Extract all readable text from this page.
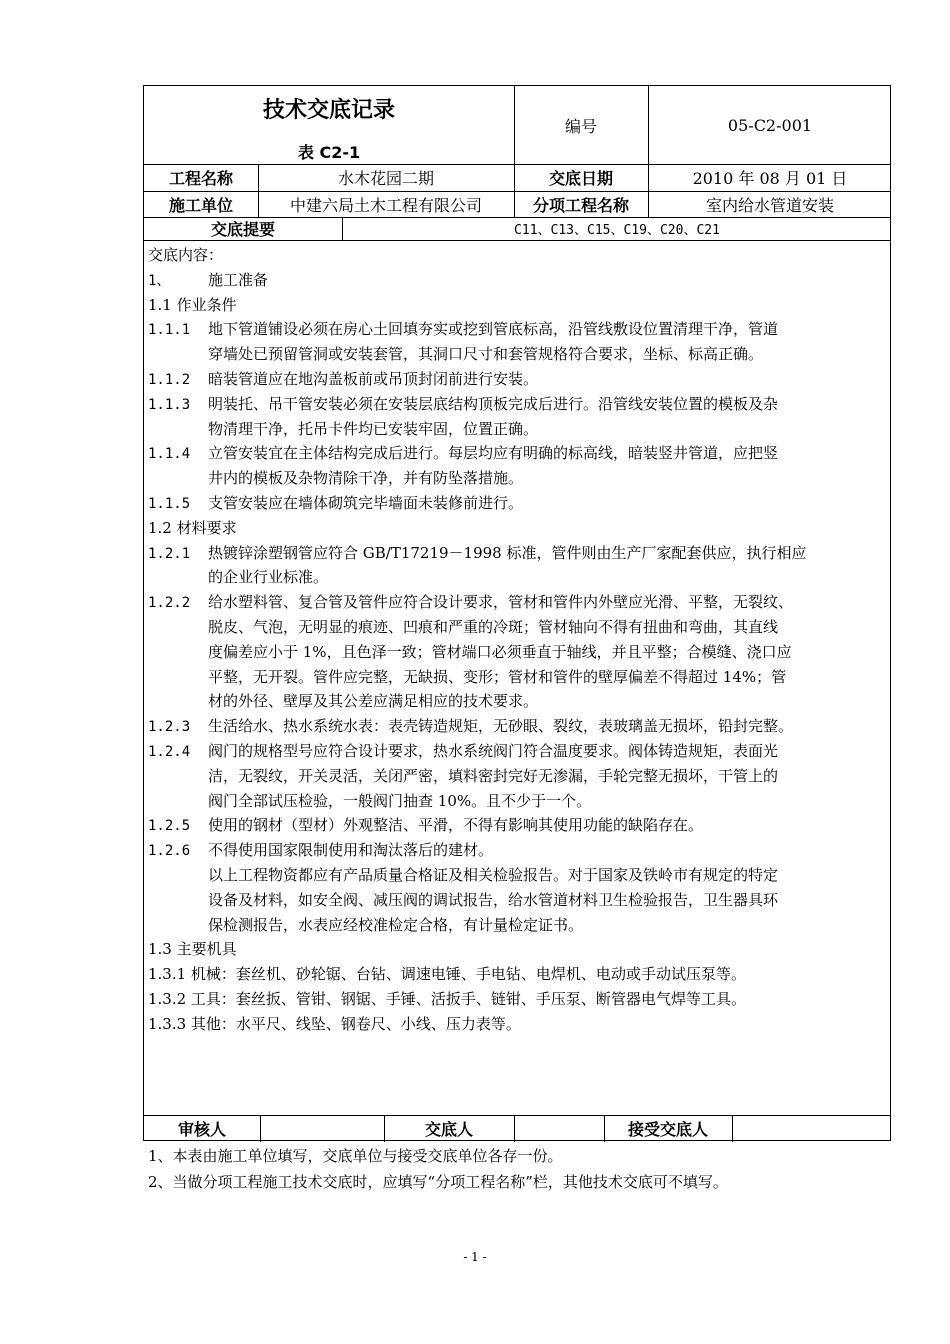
技术交底记录
表 C2-1
编号	05-C2-001
工程名称	水木花园二期	交底日期	2010 年 08 月 01 日
施工单位	中建六局土木工程有限公司	分项工程名称	室内给水管道安装
交底提要	C11、C13、C15、C19、C20、C21
审核人	交底人	接受交底人
交底内容：
1、	施工准备
1.1 作业条件
1.1.1 地下管道铺设必须在房心土回填夯实或挖到管底标高，沿管线敷设位置清理干净，管道
穿墙处已预留管洞或安装套管，其洞口尺寸和套管规格符合要求，坐标、标高正确。
1.1.2 暗装管道应在地沟盖板前或吊顶封闭前进行安装。
1.1.3 明装托、吊干管安装必须在安装层底结构顶板完成后进行。沿管线安装位置的模板及杂
物清理干净，托吊卡件均已安装牢固，位置正确。
1.1.4 立管安装宜在主体结构完成后进行。每层均应有明确的标高线，暗装竖井管道，应把竖
井内的模板及杂物清除干净，并有防坠落措施。
1.1.5 支管安装应在墙体砌筑完毕墙面未装修前进行。
1.2 材料要求
1.2.1 热镀锌涂塑钢管应符合 GB/T17219－1998 标准，管件则由生产厂家配套供应，执行相应
的企业行业标准。
1.2.2 给水塑料管、复合管及管件应符合设计要求，管材和管件内外壁应光滑、平整，无裂纹、
脱皮、气泡，无明显的痕迹、凹痕和严重的冷斑；管材轴向不得有扭曲和弯曲，其直线
度偏差应小于 1%，且色泽一致；管材端口必须垂直于轴线，并且平整；合模缝、浇口应
平整，无开裂。管件应完整，无缺损、变形；管材和管件的壁厚偏差不得超过 14%；管
材的外径、壁厚及其公差应满足相应的技术要求。
1.2.3 生活给水、热水系统水表：表壳铸造规矩，无砂眼、裂纹，表玻璃盖无损坏，铅封完整。
1.2.4 阀门的规格型号应符合设计要求，热水系统阀门符合温度要求。阀体铸造规矩，表面光
洁，无裂纹，开关灵活，关闭严密，填料密封完好无渗漏，手轮完整无损坏，干管上的
阀门全部试压检验，一般阀门抽查 10%。且不少于一个。
1.2.5 使用的钢材（型材）外观整洁、平滑，不得有影响其使用功能的缺陷存在。
1.2.6 不得使用国家限制使用和淘汰落后的建材。
以上工程物资都应有产品质量合格证及相关检验报告。对于国家及铁岭市有规定的特定
设备及材料，如安全阀、减压阀的调试报告，给水管道材料卫生检验报告，卫生器具环
保检测报告，水表应经校准检定合格，有计量检定证书。
1.3 主要机具
1.3.1 机械：套丝机、砂轮锯、台钻、调速电锤、手电钻、电焊机、电动或手动试压泵等。
1.3.2 工具：套丝扳、管钳、钢锯、手锤、活扳手、链钳、手压泵、断管器电气焊等工具。
1.3.3 其他：水平尺、线坠、钢卷尺、小线、压力表等。
1、本表由施工单位填写，交底单位与接受交底单位各存一份。
2、当做分项工程施工技术交底时，应填写“分项工程名称”栏，其他技术交底可不填写。
- 1 -
